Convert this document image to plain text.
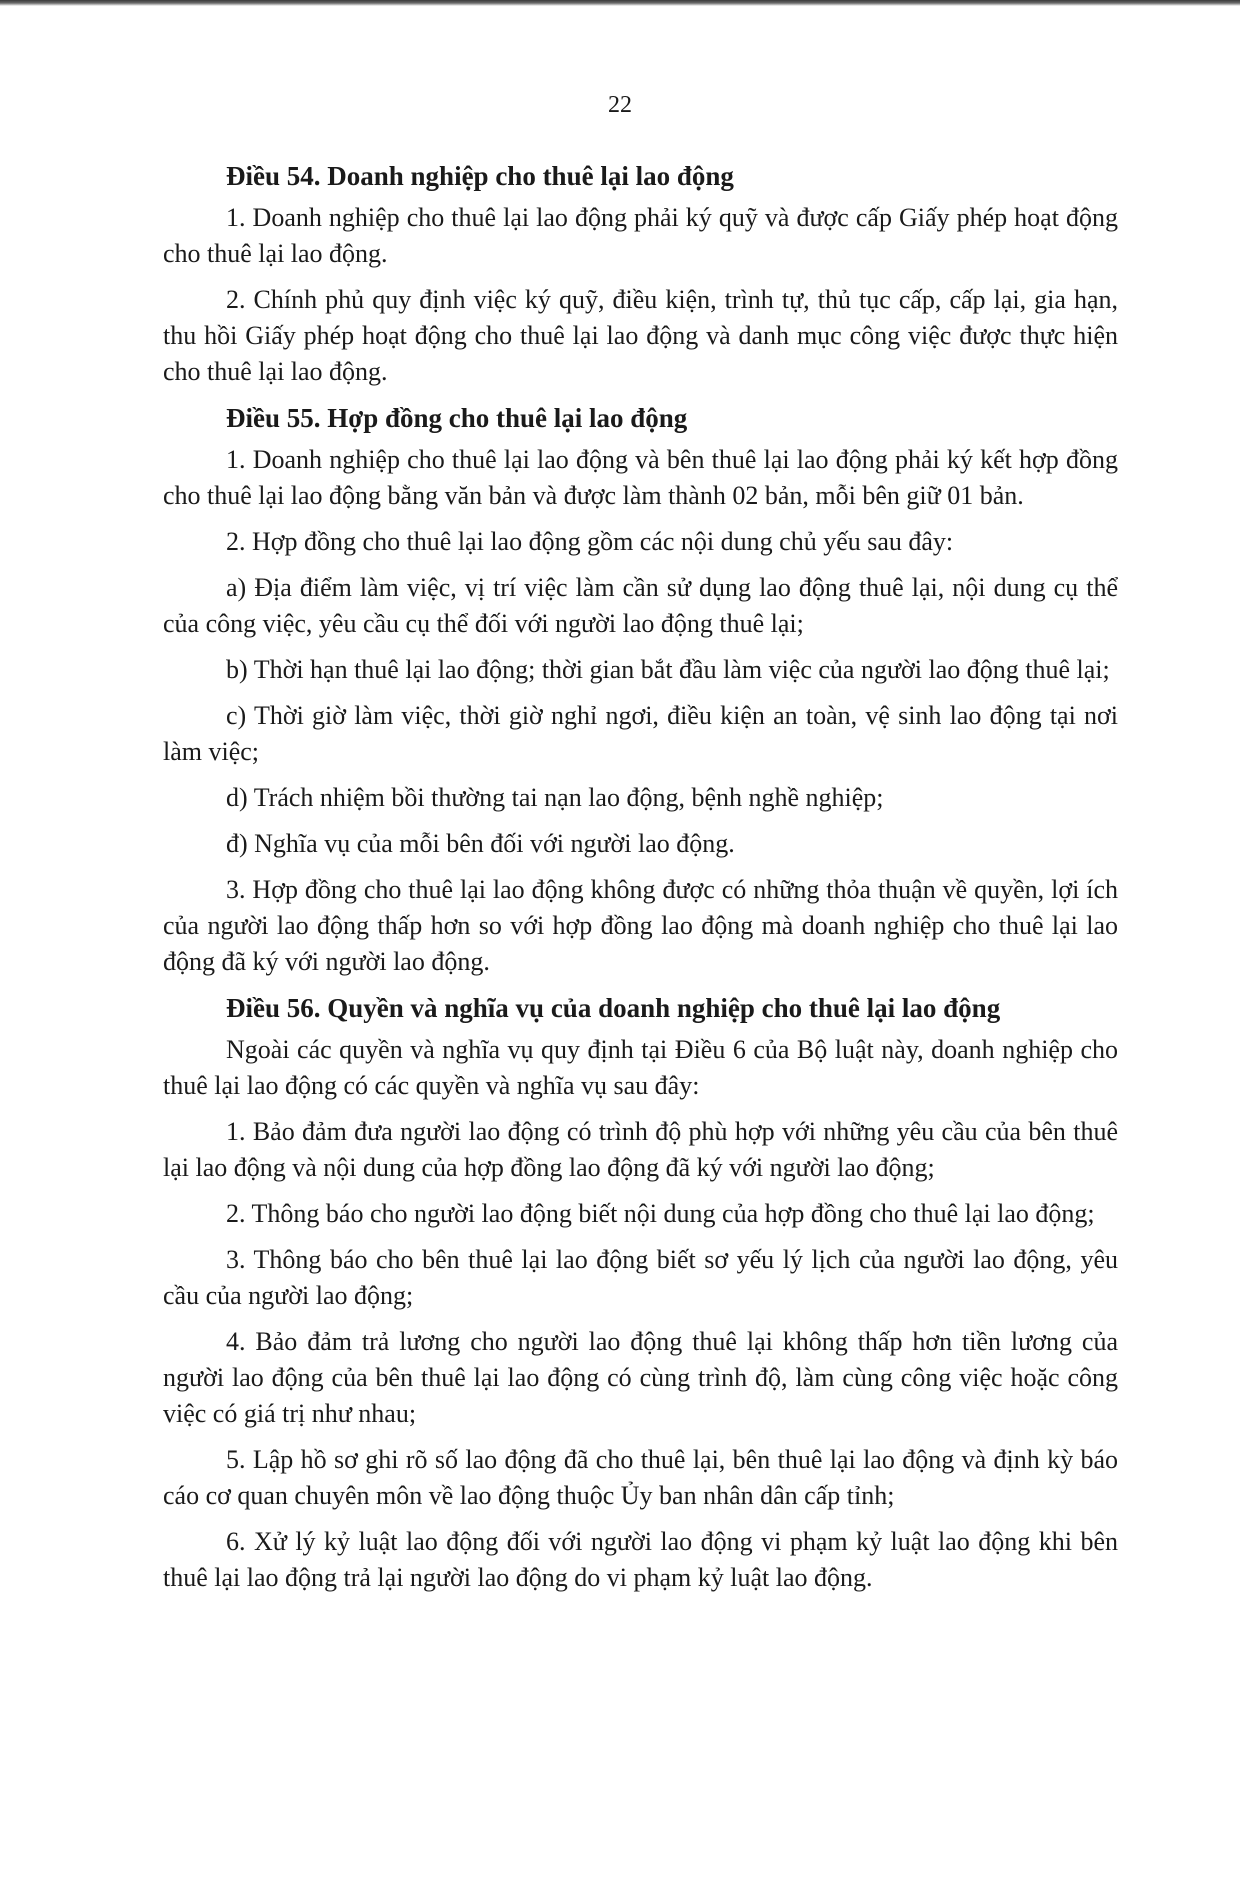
22
Điều 54. Doanh nghiệp cho thuê lại lao động

1. Doanh nghiệp cho thuê lại lao động phải ký quỹ và được cấp Giấy phép hoạt động cho thuê lại lao động.

2. Chính phủ quy định việc ký quỹ, điều kiện, trình tự, thủ tục cấp, cấp lại, gia hạn, thu hồi Giấy phép hoạt động cho thuê lại lao động và danh mục công việc được thực hiện cho thuê lại lao động.

Điều 55. Hợp đồng cho thuê lại lao động

1. Doanh nghiệp cho thuê lại lao động và bên thuê lại lao động phải ký kết hợp đồng cho thuê lại lao động bằng văn bản và được làm thành 02 bản, mỗi bên giữ 01 bản.

2. Hợp đồng cho thuê lại lao động gồm các nội dung chủ yếu sau đây:

a) Địa điểm làm việc, vị trí việc làm cần sử dụng lao động thuê lại, nội dung cụ thể của công việc, yêu cầu cụ thể đối với người lao động thuê lại;

b) Thời hạn thuê lại lao động; thời gian bắt đầu làm việc của người lao động thuê lại;

c) Thời giờ làm việc, thời giờ nghỉ ngơi, điều kiện an toàn, vệ sinh lao động tại nơi làm việc;

d) Trách nhiệm bồi thường tai nạn lao động, bệnh nghề nghiệp;

đ) Nghĩa vụ của mỗi bên đối với người lao động.

3. Hợp đồng cho thuê lại lao động không được có những thỏa thuận về quyền, lợi ích của người lao động thấp hơn so với hợp đồng lao động mà doanh nghiệp cho thuê lại lao động đã ký với người lao động.

Điều 56. Quyền và nghĩa vụ của doanh nghiệp cho thuê lại lao động

Ngoài các quyền và nghĩa vụ quy định tại Điều 6 của Bộ luật này, doanh nghiệp cho thuê lại lao động có các quyền và nghĩa vụ sau đây:

1. Bảo đảm đưa người lao động có trình độ phù hợp với những yêu cầu của bên thuê lại lao động và nội dung của hợp đồng lao động đã ký với người lao động;

2. Thông báo cho người lao động biết nội dung của hợp đồng cho thuê lại lao động;

3. Thông báo cho bên thuê lại lao động biết sơ yếu lý lịch của người lao động, yêu cầu của người lao động;

4. Bảo đảm trả lương cho người lao động thuê lại không thấp hơn tiền lương của người lao động của bên thuê lại lao động có cùng trình độ, làm cùng công việc hoặc công việc có giá trị như nhau;

5. Lập hồ sơ ghi rõ số lao động đã cho thuê lại, bên thuê lại lao động và định kỳ báo cáo cơ quan chuyên môn về lao động thuộc Ủy ban nhân dân cấp tỉnh;

6. Xử lý kỷ luật lao động đối với người lao động vi phạm kỷ luật lao động khi bên thuê lại lao động trả lại người lao động do vi phạm kỷ luật lao động.
